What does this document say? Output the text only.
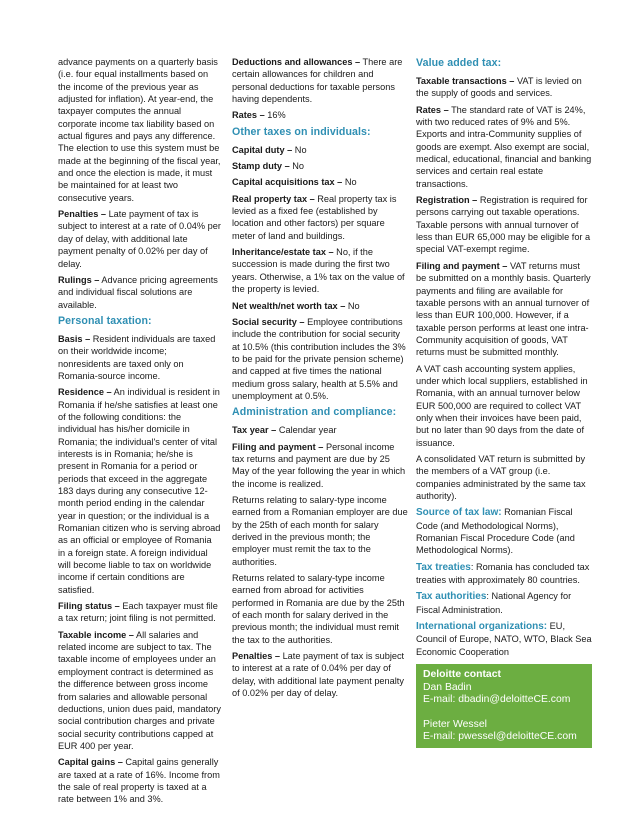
advance payments on a quarterly basis (i.e. four equal installments based on the income of the previous year as adjusted for inflation). At year-end, the taxpayer computes the annual corporate income tax liability based on actual figures and pays any difference. The election to use this system must be made at the beginning of the fiscal year, and once the election is made, it must be maintained for at least two consecutive years.

Penalties – Late payment of tax is subject to interest at a rate of 0.04% per day of delay, with additional late payment penalty of 0.02% per day of delay.

Rulings – Advance pricing agreements and individual fiscal solutions are available.

Personal taxation:

Basis – Resident individuals are taxed on their worldwide income; nonresidents are taxed only on Romania-source income.

Residence – An individual is resident in Romania if he/she satisfies at least one of the following conditions: the individual has his/her domicile in Romania; the individual's center of vital interests is in Romania; he/she is present in Romania for a period or periods that exceed in the aggregate 183 days during any consecutive 12-month period ending in the calendar year in question; or the individual is a Romanian citizen who is serving abroad as an official or employee of Romania in a foreign state. A foreign individual will become liable to tax on worldwide income if certain conditions are satisfied.

Filing status – Each taxpayer must file a tax return; joint filing is not permitted.

Taxable income – All salaries and related income are subject to tax. The taxable income of employees under an employment contract is determined as the difference between gross income from salaries and allowable personal deductions, union dues paid, mandatory social contribution charges and private social security contributions capped at EUR 400 per year.

Capital gains – Capital gains generally are taxed at a rate of 16%. Income from the sale of real property is taxed at a rate between 1% and 3%.

Deductions and allowances – There are certain allowances for children and personal deductions for taxable persons having dependents.

Rates – 16%

Other taxes on individuals:

Capital duty – No

Stamp duty – No

Capital acquisitions tax – No

Real property tax – Real property tax is levied as a fixed fee (established by location and other factors) per square meter of land and buildings.

Inheritance/estate tax – No, if the succession is made during the first two years. Otherwise, a 1% tax on the value of the property is levied.

Net wealth/net worth tax – No

Social security – Employee contributions include the contribution for social security at 10.5% (this contribution includes the 3% to be paid for the private pension scheme) and capped at five times the national medium gross salary, health at 5.5% and unemployment at 0.5%.

Administration and compliance:

Tax year – Calendar year

Filing and payment – Personal income tax returns and payment are due by 25 May of the year following the year in which the income is realized.

Returns relating to salary-type income earned from a Romanian employer are due by the 25th of each month for salary derived in the previous month; the employer must remit the tax to the authorities.

Returns related to salary-type income earned from abroad for activities performed in Romania are due by the 25th of each month for salary derived in the previous month; the individual must remit the tax to the authorities.

Penalties – Late payment of tax is subject to interest at a rate of 0.04% per day of delay, with additional late payment penalty of 0.02% per day of delay.

Value added tax:

Taxable transactions – VAT is levied on the supply of goods and services.

Rates – The standard rate of VAT is 24%, with two reduced rates of 9% and 5%. Exports and intra-Community supplies of goods are exempt. Also exempt are social, medical, educational, financial and banking services and certain real estate transactions.

Registration – Registration is required for persons carrying out taxable operations. Taxable persons with annual turnover of less than EUR 65,000 may be eligible for a special VAT-exempt regime.

Filing and payment – VAT returns must be submitted on a monthly basis. Quarterly payments and filing are available for taxable persons with an annual turnover of less than EUR 100,000. However, if a taxable person performs at least one intra-Community acquisition of goods, VAT returns must be submitted monthly.

A VAT cash accounting system applies, under which local suppliers, established in Romania, with an annual turnover below EUR 500,000 are required to collect VAT only when their invoices have been paid, but no later than 90 days from the date of issuance.

A consolidated VAT return is submitted by the members of a VAT group (i.e. companies administrated by the same tax authority).

Source of tax law: Romanian Fiscal Code (and Methodological Norms), Romanian Fiscal Procedure Code (and Methodological Norms).

Tax treaties: Romania has concluded tax treaties with approximately 80 countries.

Tax authorities: National Agency for Fiscal Administration.

International organizations: EU, Council of Europe, NATO, WTO, Black Sea Economic Cooperation

Deloitte contact
Dan Badin
E-mail: dbadin@deloitteCE.com
Pieter Wessel
E-mail: pwessel@deloitteCE.com
